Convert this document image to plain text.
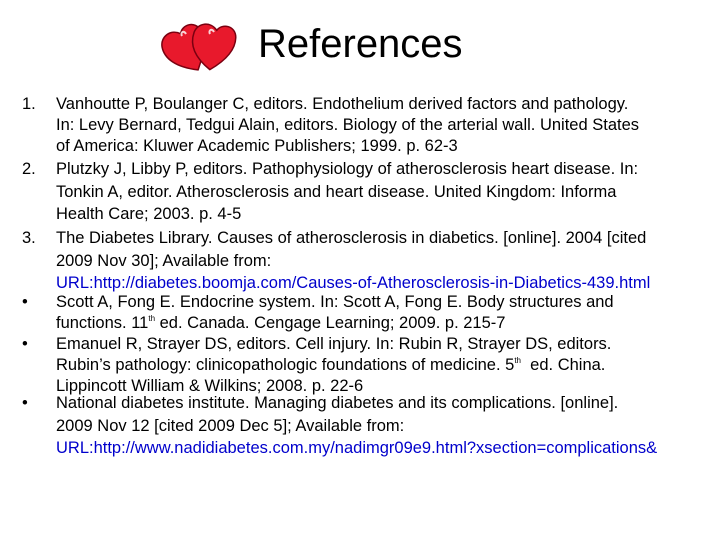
References
1. Vanhoutte P, Boulanger C, editors. Endothelium derived factors and pathology.
In: Levy Bernard, Tedgui Alain, editors. Biology of the arterial wall. United States
of America: Kluwer Academic Publishers; 1999. p. 62-3
2. Plutzky J, Libby P, editors. Pathophysiology of atherosclerosis heart disease. In:
Tonkin A, editor. Atherosclerosis and heart disease. United Kingdom: Informa
Health Care; 2003. p. 4-5
3. The Diabetes Library. Causes of atherosclerosis in diabetics. [online]. 2004 [cited
2009 Nov 30]; Available from:
URL:http://diabetes.boomja.com/Causes-of-Atherosclerosis-in-Diabetics-439.html
• Scott A, Fong E. Endocrine system. In: Scott A, Fong E. Body structures and
functions. 11th ed. Canada. Cengage Learning; 2009. p. 215-7
• Emanuel R, Strayer DS, editors. Cell injury. In: Rubin R, Strayer DS, editors.
Rubin’s pathology: clinicopathologic foundations of medicine. 5th  ed. China.
Lippincott William & Wilkins; 2008. p. 22-6
• National diabetes institute. Managing diabetes and its complications. [online].
2009 Nov 12 [cited 2009 Dec 5]; Available from:
URL:http://www.nadidiabetes.com.my/nadimgr09e9.html?xsection=complications&
